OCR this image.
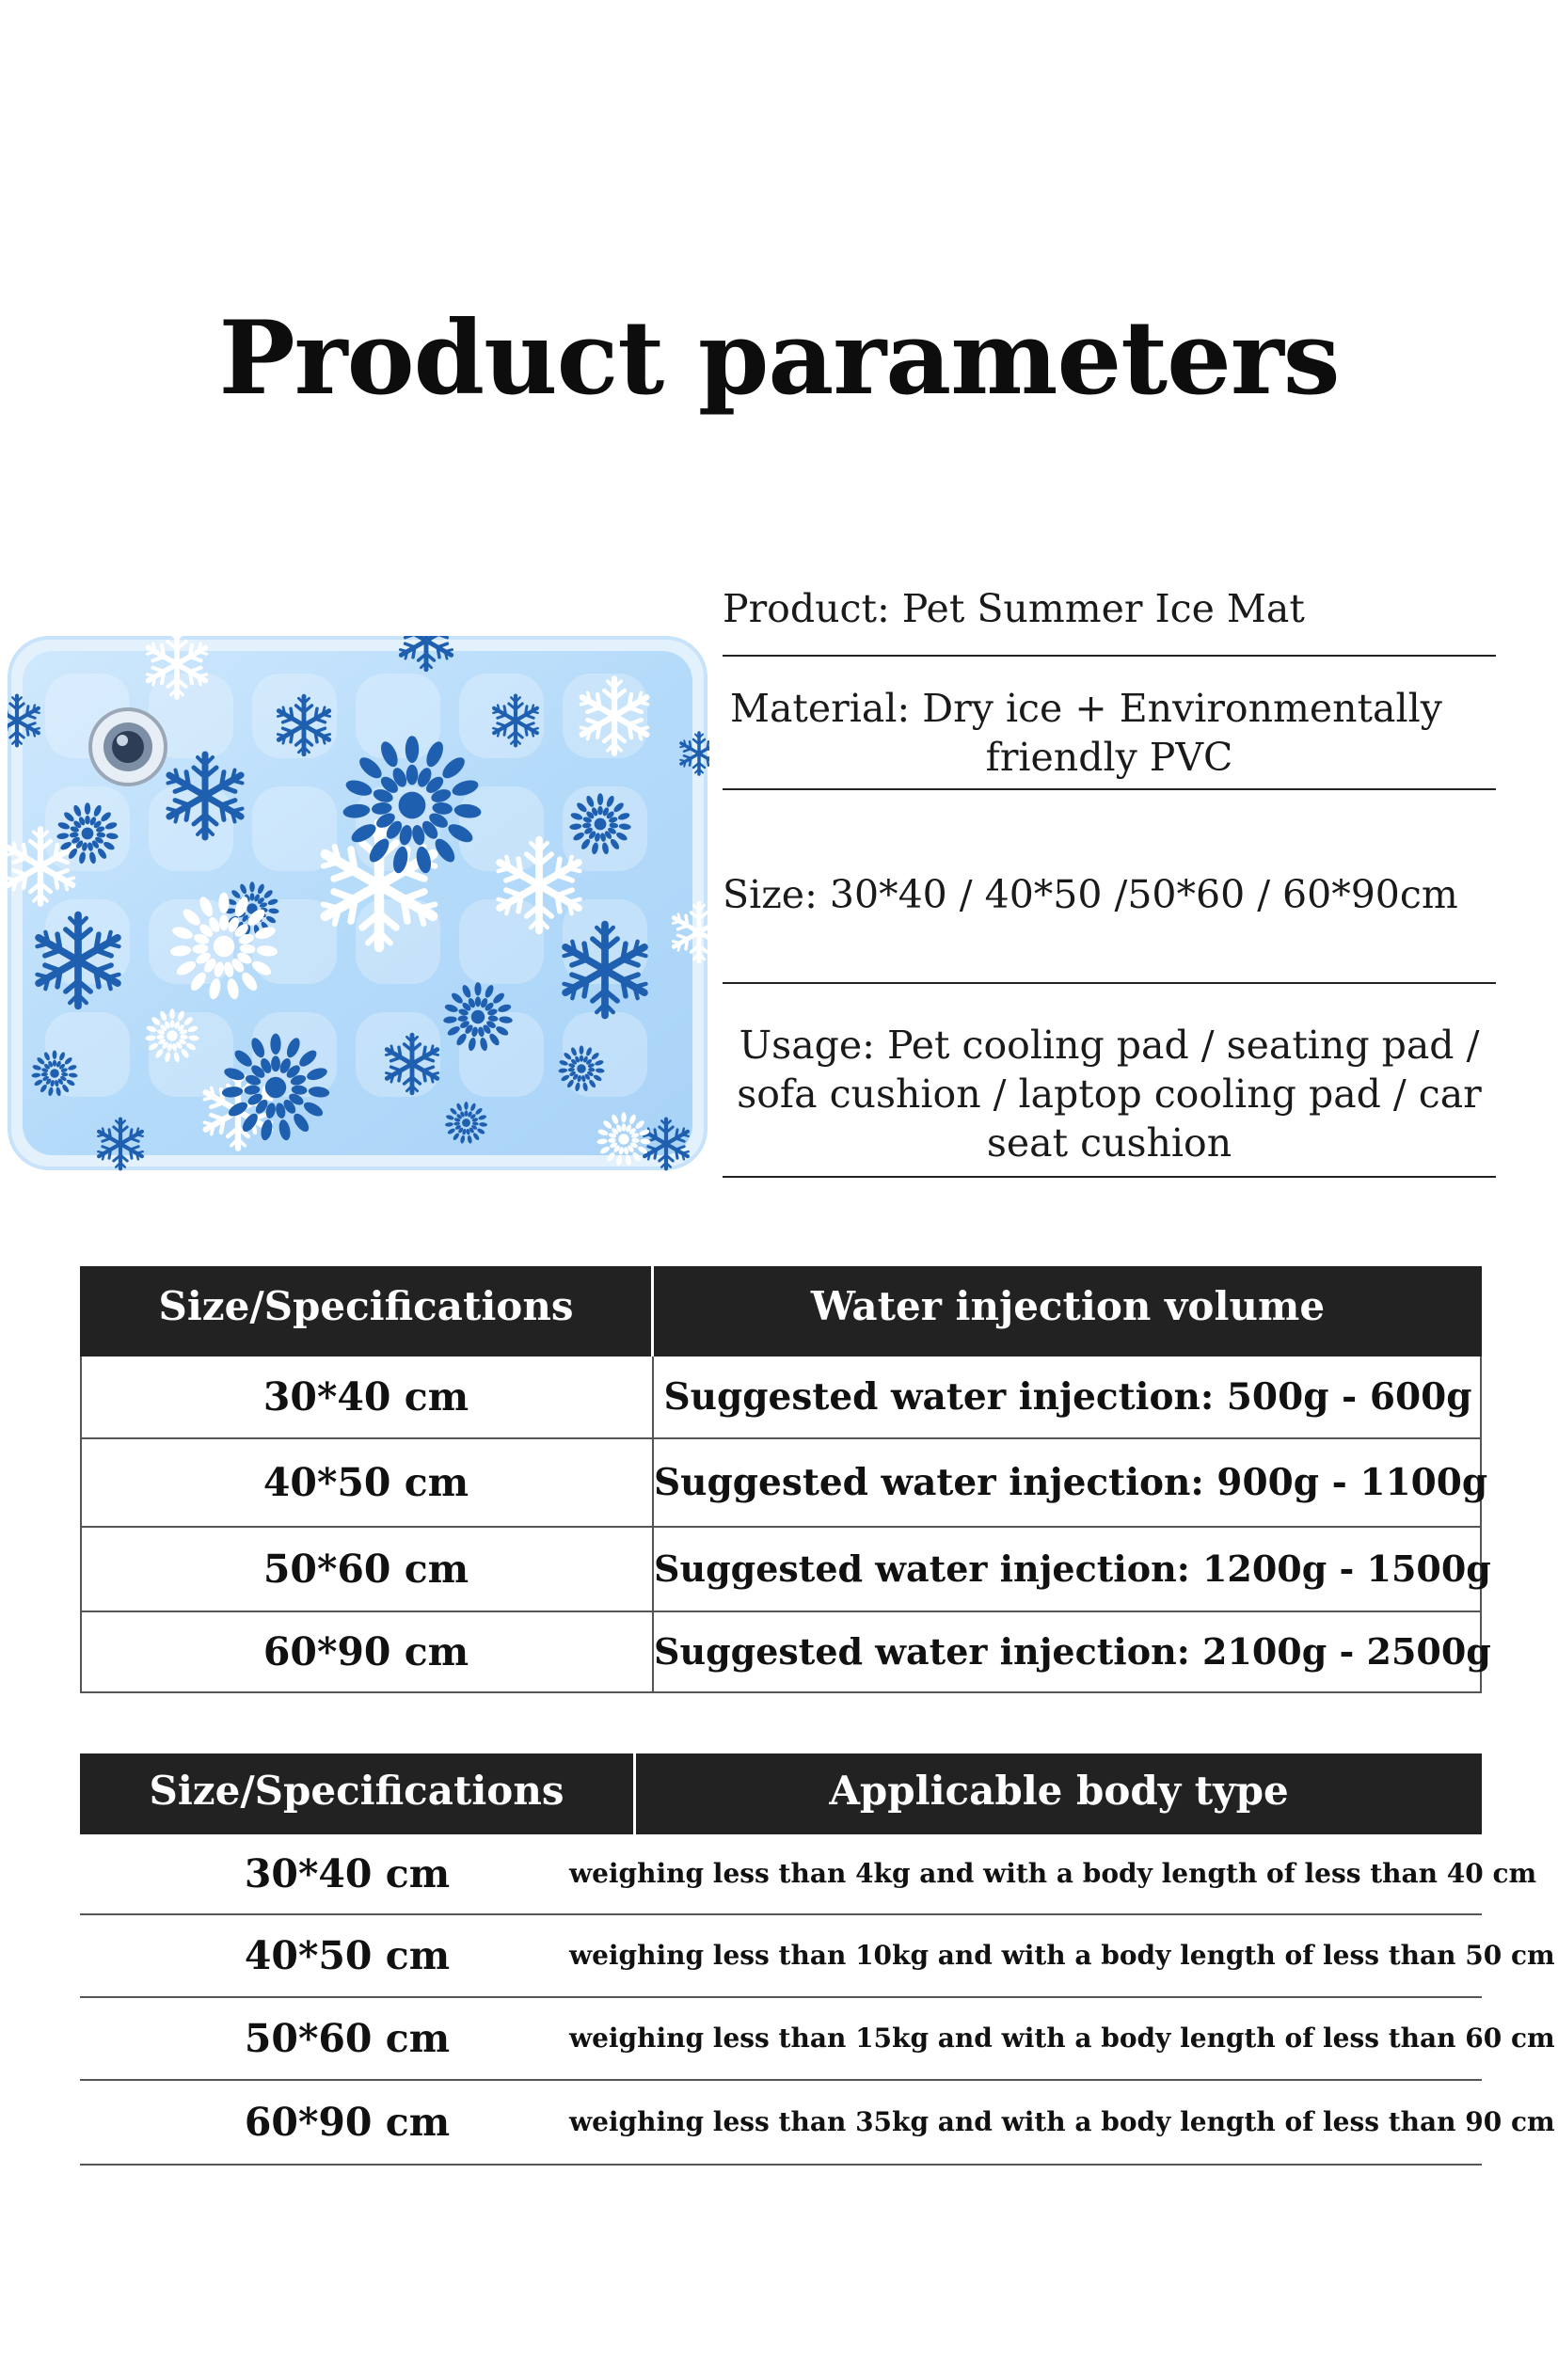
Product parameters
Product: Pet Summer Ice Mat
Material: Dry ice + Environmentally
friendly PVC
Size: 30*40 / 40*50 /50*60 / 60*90cm
Usage: Pet cooling pad / seating pad /
sofa cushion / laptop cooling pad / car
seat cushion
Size/Specifications	Water injection volume
30*40 cm	Suggested water injection: 500g - 600g
40*50 cm	Suggested water injection: 900g - 1100g
50*60 cm	Suggested water injection: 1200g - 1500g
60*90 cm	Suggested water injection: 2100g - 2500g
Size/Specifications	Applicable body type
30*40 cm	weighing less than 4kg and with a body length of less than 40 cm
40*50 cm	weighing less than 10kg and with a body length of less than 50 cm
50*60 cm	weighing less than 15kg and with a body length of less than 60 cm
60*90 cm	weighing less than 35kg and with a body length of less than 90 cm
